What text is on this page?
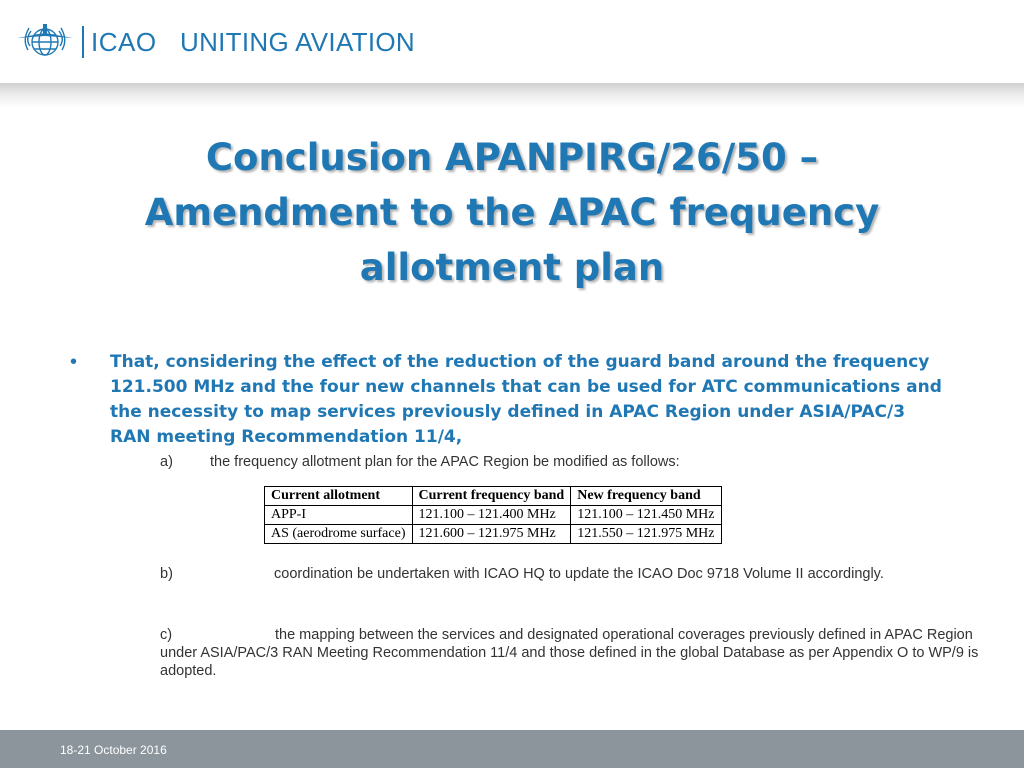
ICAO UNITING AVIATION
Conclusion APANPIRG/26/50 –
Amendment to the APAC frequency
allotment plan
• That, considering the effect of the reduction of the guard band around the frequency 121.500 MHz and the four new channels that can be used for ATC communications and the necessity to map services previously defined in APAC Region under ASIA/PAC/3 RAN meeting Recommendation 11/4,
a)	the frequency allotment plan for the APAC Region be modified as follows:
Current allotment	Current frequency band	New frequency band
APP-I	121.100 – 121.400 MHz	121.100 – 121.450 MHz
AS (aerodrome surface)	121.600 – 121.975 MHz	121.550 – 121.975 MHz
b)	coordination be undertaken with ICAO HQ to update the ICAO Doc 9718 Volume II accordingly.
c)	the mapping between the services and designated operational coverages previously defined in APAC Region under ASIA/PAC/3 RAN Meeting Recommendation 11/4 and those defined in the global Database as per Appendix O to WP/9 is adopted.
18-21 October 2016
